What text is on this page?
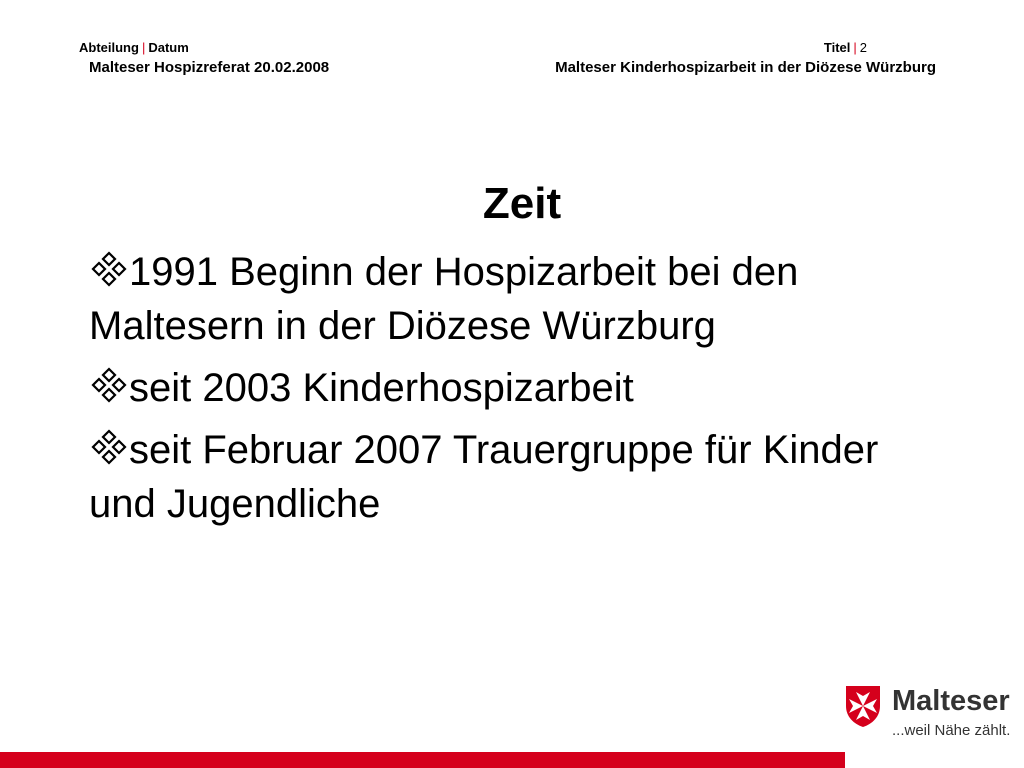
Abteilung | Datum
Malteser Hospizreferat 20.02.2008
Titel | 2
Malteser Kinderhospizarbeit in der Diözese Würzburg
Zeit
1991 Beginn der Hospizarbeit bei den Maltesern in der Diözese Würzburg
seit 2003 Kinderhospizarbeit
seit Februar 2007 Trauergruppe für Kinder und Jugendliche
Malteser
...weil Nähe zählt.
